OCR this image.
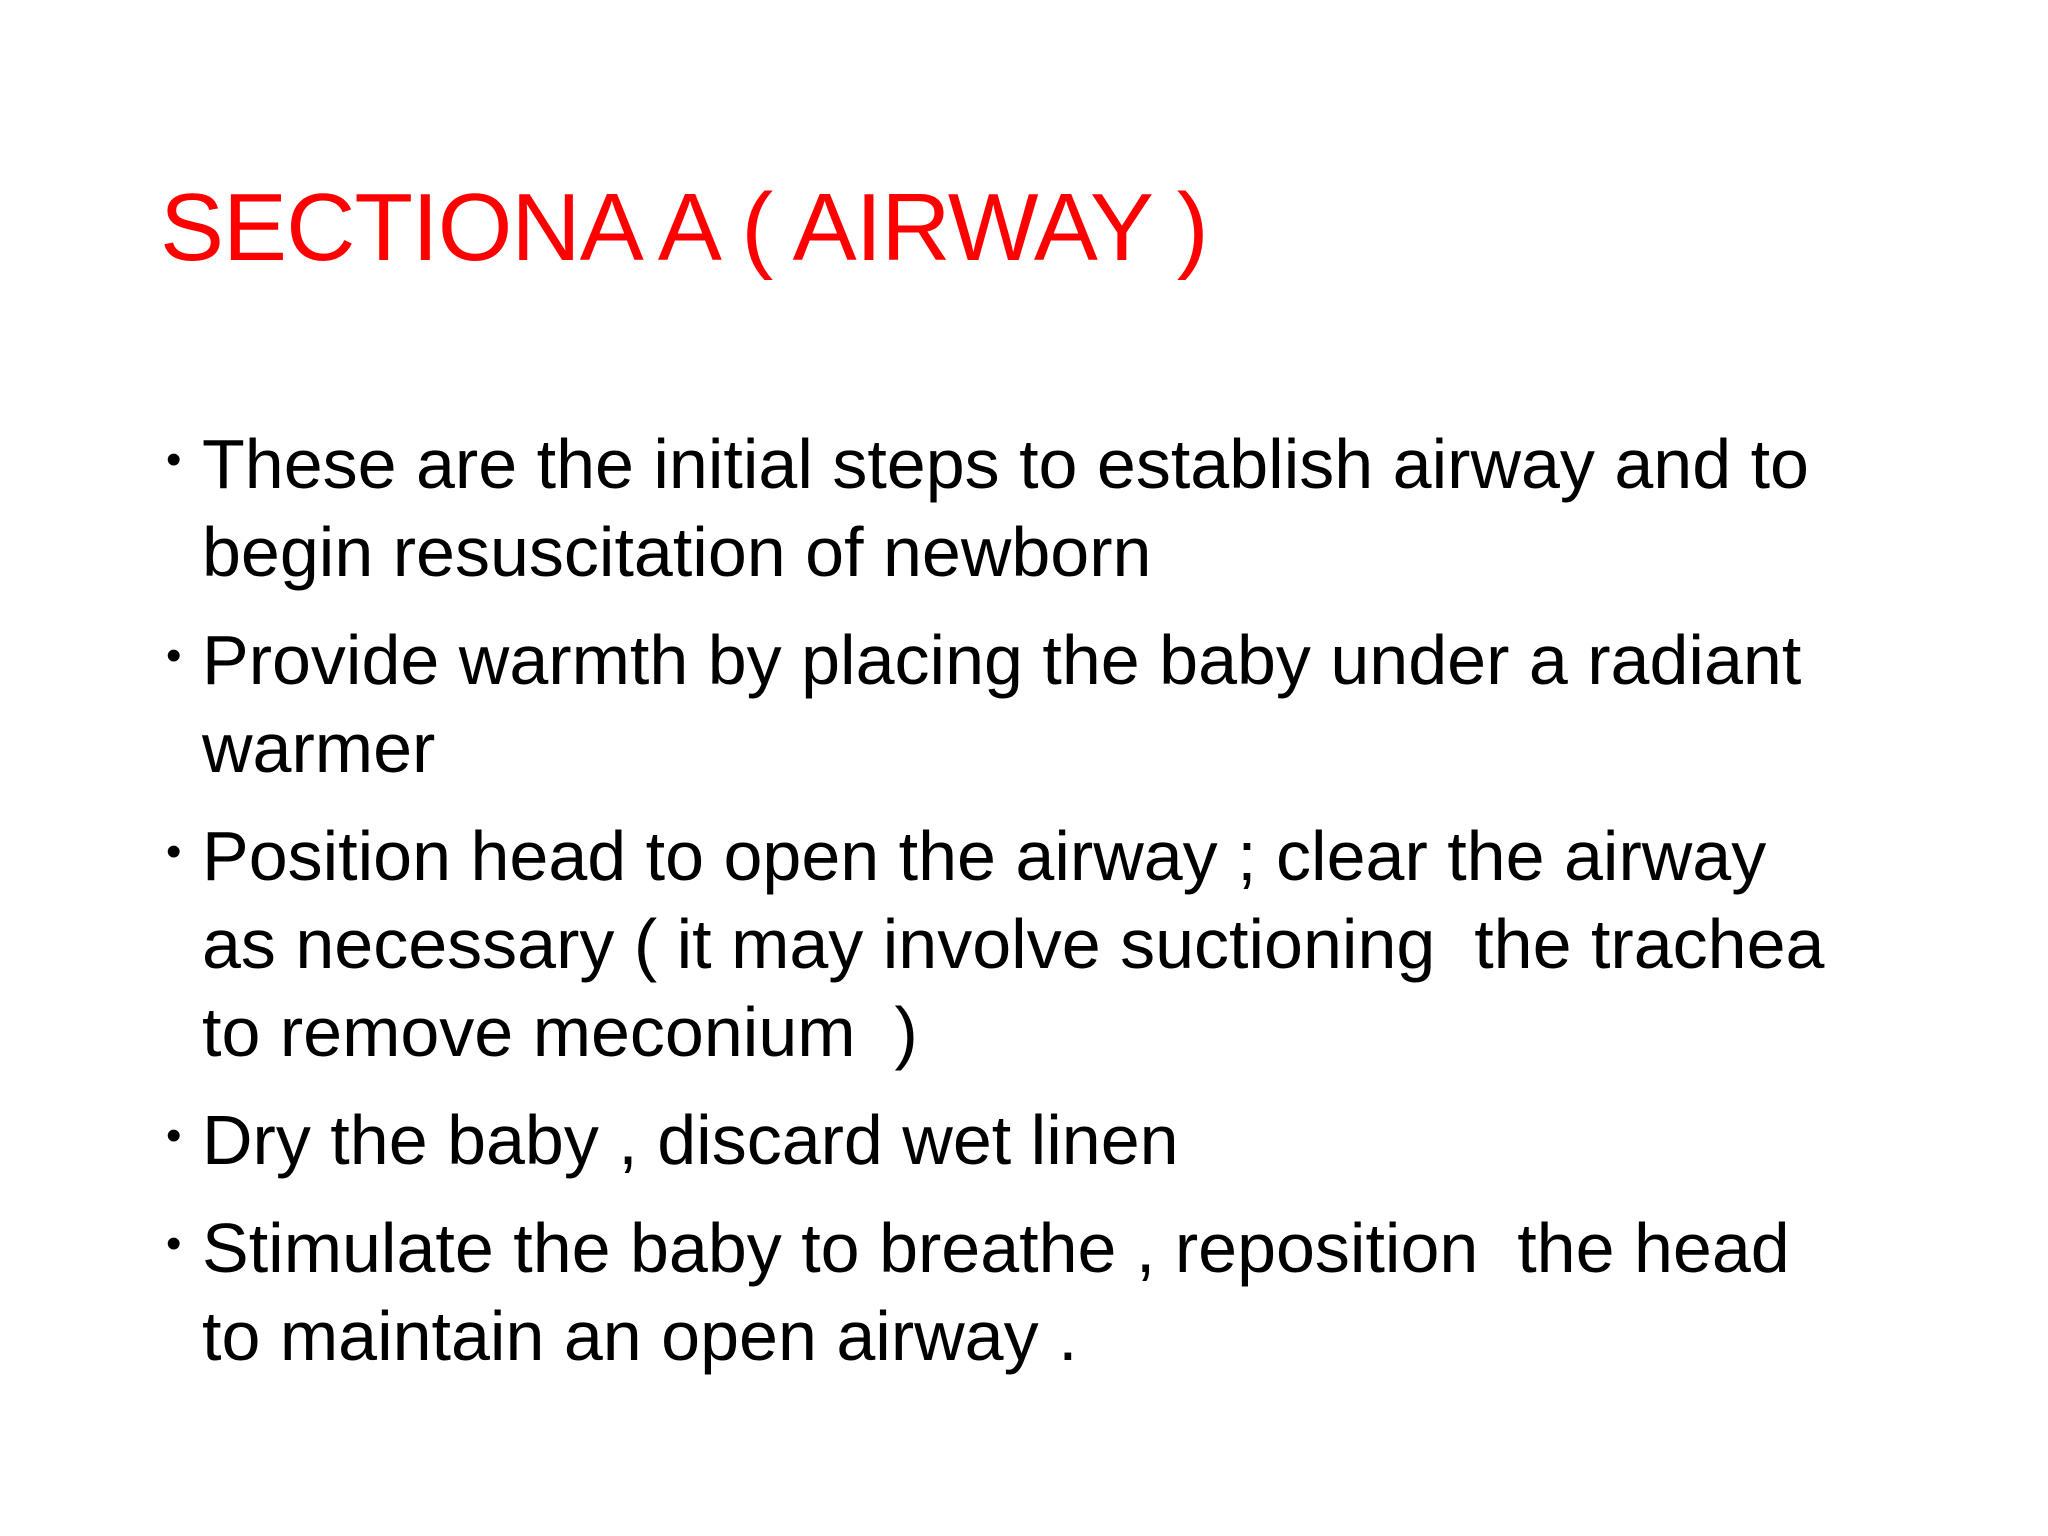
SECTIONA A ( AIRWAY )
• These are the initial steps to establish airway and to
begin resuscitation of newborn
• Provide warmth by placing the baby under a radiant
warmer
• Position head to open the airway ; clear the airway
as necessary ( it may involve suctioning  the trachea
to remove meconium  )
• Dry the baby , discard wet linen
• Stimulate the baby to breathe , reposition  the head
to maintain an open airway .
